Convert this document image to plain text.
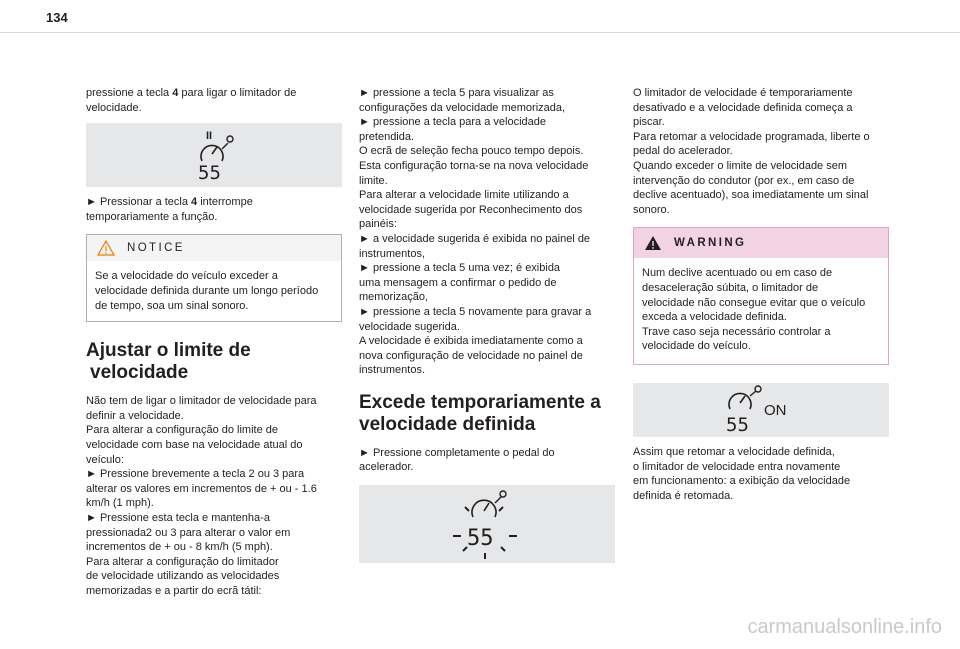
134

pressione a tecla 4 para ligar o limitador de
velocidade.

II
55

► Pressionar a tecla 4 interrompe
temporariamente a função.

NOTICE
Se a velocidade do veículo exceder a
velocidade definida durante um longo período
de tempo, soa um sinal sonoro.
Ajustar o limite de
velocidade
Não tem de ligar o limitador de velocidade para
definir a velocidade.
Para alterar a configuração do limite de
velocidade com base na velocidade atual do
veículo:
► Pressione brevemente a tecla 2 ou 3 para
alterar os valores em incrementos de + ou - 1.6
km/h (1 mph).
► Pressione esta tecla e mantenha-a
pressionada2 ou 3 para alterar o valor em
incrementos de + ou - 8 km/h (5 mph).
Para alterar a configuração do limitador
de velocidade utilizando as velocidades
memorizadas e a partir do ecrã tátil:
► pressione a tecla 5 para visualizar as
configurações da velocidade memorizada,
► pressione a tecla para a velocidade
pretendida.
O ecrã de seleção fecha pouco tempo depois.
Esta configuração torna-se na nova velocidade
limite.
Para alterar a velocidade limite utilizando a
velocidade sugerida por Reconhecimento dos
painéis:
► a velocidade sugerida é exibida no painel de
instrumentos,
► pressione a tecla 5 uma vez; é exibida
uma mensagem a confirmar o pedido de
memorização,
► pressione a tecla 5 novamente para gravar a
velocidade sugerida.
A velocidade é exibida imediatamente como a
nova configuração de velocidade no painel de
instrumentos.
Excede temporariamente a
velocidade definida
► Pressione completamente o pedal do
acelerador.
55
O limitador de velocidade é temporariamente
desativado e a velocidade definida começa a
piscar.
Para retomar a velocidade programada, liberte o
pedal do acelerador.
Quando exceder o limite de velocidade sem
intervenção do condutor (por ex., em caso de
declive acentuado), soa imediatamente um sinal
sonoro.
WARNING
Num declive acentuado ou em caso de
desaceleração súbita, o limitador de
velocidade não consegue evitar que o veículo
exceda a velocidade definida.
Trave caso seja necessário controlar a
velocidade do veículo.
ON
55
Assim que retomar a velocidade definida,
o limitador de velocidade entra novamente
em funcionamento: a exibição da velocidade
definida é retomada.
carmanualsonline.info
